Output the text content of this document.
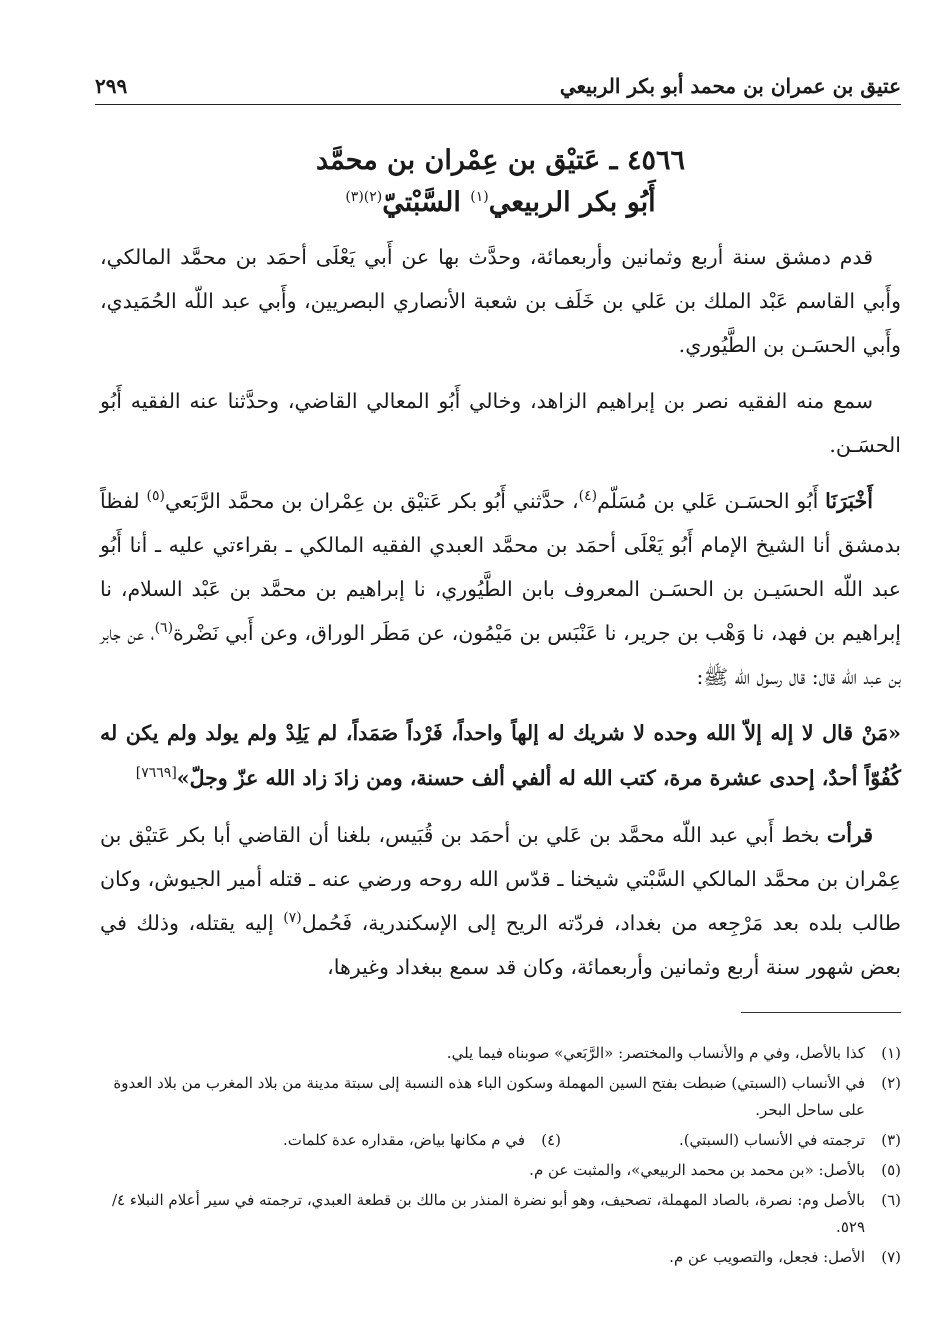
عتيق بن عمران بن محمد أبو بكر الربيعي
٢٩٩
٤٥٦٦ ـ عَتيْق بن عِمْران بن محمَّد
أَبُو بكر الربيعي$^{(١)}$ السَّبْتيّ$^{(٢)(٣)}$

قدم دمشق سنة أربع وثمانين وأربعمائة، وحدَّث بها عن أَبي يَعْلَى أحمَد بن محمَّد المالكي، وأَبي القاسم عَبْد الملك بن عَلي بن خَلَف بن شعبة الأنصاري البصريين، وأَبي عبد اللّه الحُمَيدي، وأَبي الحسَـن بن الطَّيُوري.

سمع منه الفقيه نصر بن إبراهيم الزاهد، وخالي أَبُو المعالي القاضي، وحدَّثنا عنه الفقيه أَبُو الحسَـن.

أَخْبَرَنَا أَبُو الحسَـن عَلي بن مُسَلّم$^{(٤)}$، حدَّثني أَبُو بكر عَتيْق بن عِمْران بن محمَّد الرَّبَعي$^{(٥)}$ لفظاً بدمشق أنا الشيخ الإمام أَبُو يَعْلَى أحمَد بن محمَّد العبدي الفقيه المالكي ـ بقراءتي عليه ـ أنا أَبُو عبد اللّه الحسَيـن بن الحسَـن المعروف بابن الطَّيُوري، نا إبراهيم بن محمَّد بن عَبْد السلام، نا إبراهيم بن فهد، نا وَهْب بن جرير، نا عَنْبَس بن مَيْمُون، عن مَطَر الوراق، وعن أَبي نَضْرة$^{(٦)}$، عن جابر بن عبد اللّه قال: قال رسول اللّه ﷺ:

«مَنْ قال لا إله إلاّ الله وحده لا شريك له إلهاً واحداً، فَرْداً صَمَداً، لم يَلِدْ ولم يولد ولم يكن له كُفُوّاً أحدٌ، إحدى عشرة مرة، كتب الله له ألفي ألف حسنة، ومن زادَ زاد الله عزّ وجلّ»[٧٦٦٩]

قرأت بخط أَبي عبد اللّه محمَّد بن عَلي بن أحمَد بن قُبَيس، بلغنا أن القاضي أبا بكر عَتيْق بن عِمْران بن محمَّد المالكي السَّبْتي شيخنا ـ قدّس الله روحه ورضي عنه ـ قتله أمير الجيوش، وكان طالب بلده بعد مَرْجِعه من بغداد، فردّته الريح إلى الإسكندرية، فَحُمل$^{(٧)}$ إليه يقتله، وذلك في بعض شهور سنة أربع وثمانين وأربعمائة، وكان قد سمع ببغداد وغيرها،

(١)
كذا بالأصل، وفي م والأنساب والمختصر: «الرَّبَعي» صوبناه فيما يلي.
(٢)
في الأنساب (السبتي) ضبطت بفتح السين المهملة وسكون الباء هذه النسبة إلى سبتة مدينة من بلاد المغرب من بلاد العدوة على ساحل البحر.
(٣)
ترجمته في الأنساب (السبتي).
(٤)
في م مكانها بياض، مقداره عدة كلمات.
(٥)
بالأصل: «بن محمد بن محمد الربيعي»، والمثبت عن م.
(٦)
بالأصل وم: نصرة، بالصاد المهملة، تصحيف، وهو أبو نضرة المنذر بن مالك بن قطعة العبدي، ترجمته في سير أعلام النبلاء ٤/ ٥٢٩.
(٧)
الأصل: فجعل، والتصويب عن م.
